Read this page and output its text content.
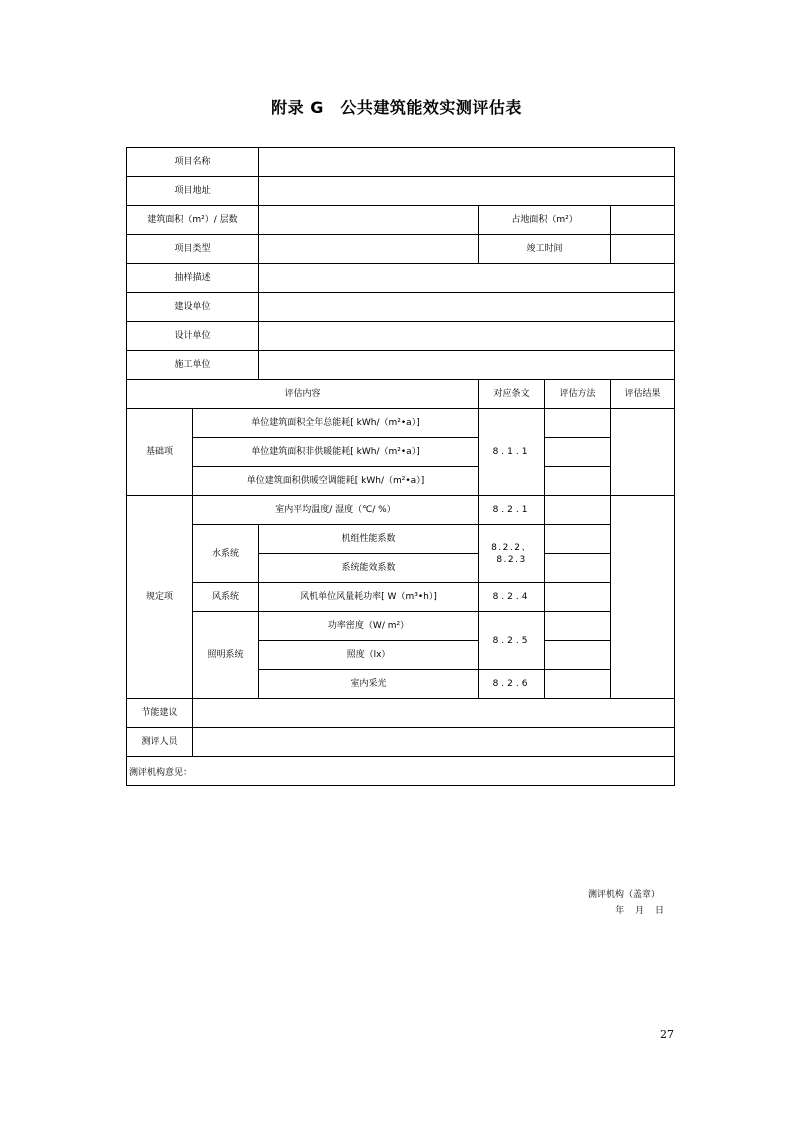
附录 G　公共建筑能效实测评估表
项目名称					
项目地址					
建筑面积（m²）/ 层数			占地面积（m²）		
项目类型			竣工时间		
抽样描述					
建设单位					
设计单位					
施工单位					
评估内容			对应条文	评估方法	评估结果
基础项	单位建筑面积全年总能耗[ kWh/（m²•a）]		8.1.1		
	单位建筑面积非供暖能耗[ kWh/（m²•a）]				
	单位建筑面积供暖空调能耗[ kWh/（m²•a）]				
规定项	室内平均温度/ 湿度（℃/ %）		8.2.1		
	水系统	机组性能系数	8.2.2、8.2.3		
		系统能效系数			
	风系统	风机单位风量耗功率[ W（m³•h）]	8.2.4		
	照明系统	功率密度（W/ m²）	8.2.5		
		照度（lx）			
		室内采光	8.2.6		
节能建议					
测评人员					

测评机构意见：
测评机构（盖章）
年 月 日					
27
